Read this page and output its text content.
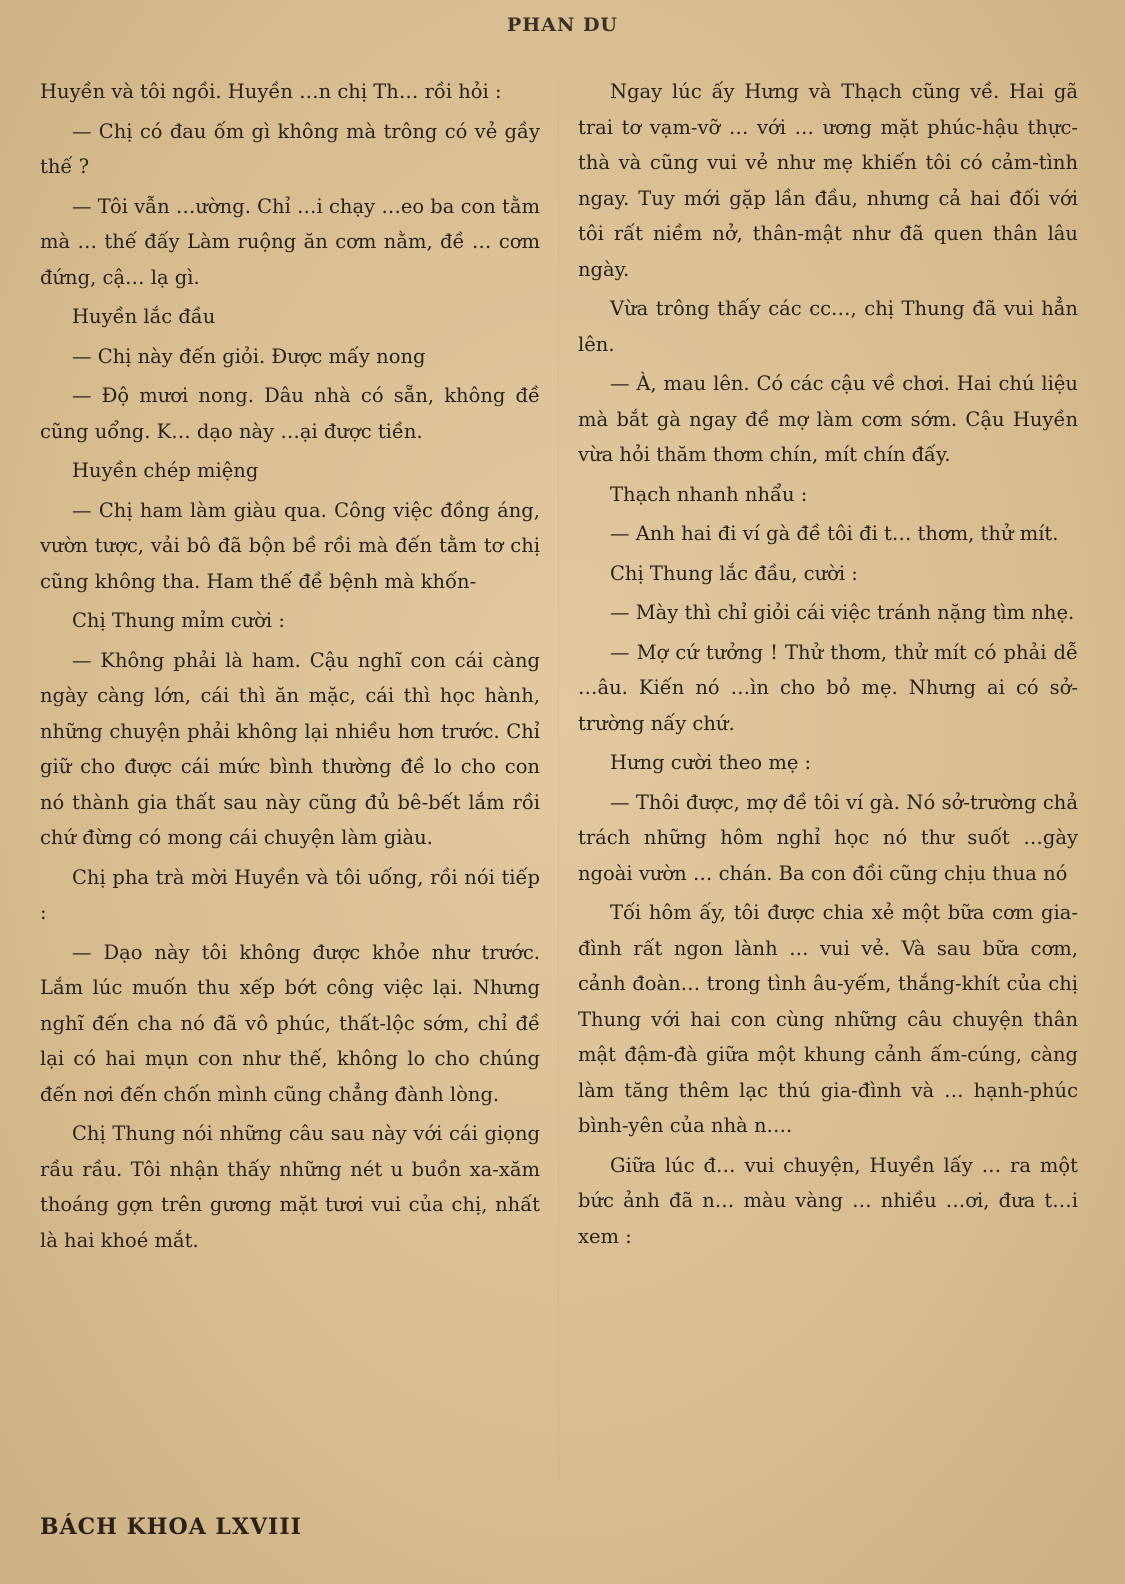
PHAN DU

Huyền và tôi ngồi. Huyền …n chị Th… rồi hỏi :

— Chị có đau ốm gì không mà trông có vẻ gầy thế ?

— Tôi vẫn …ường. Chỉ …i chạy …eo ba con tằm mà … thế đấy Làm ruộng ăn cơm nằm, đề … cơm đứng, cậ… lạ gì.

Huyền lắc đầu

— Chị này đến giỏi. Được mấy nong

— Độ mươi nong. Dâu nhà có sẵn, không đề cũng uổng. K… dạo này …ại được tiền.

Huyền chép miệng

— Chị ham làm giàu qua. Công việc đồng áng, vườn tược, vải bô đã bộn bề rồi mà đến tằm tơ chị cũng không tha. Ham thế đề bệnh mà khốn-

Chị Thung mỉm cười :

— Không phải là ham. Cậu nghĩ con cái càng ngày càng lớn, cái thì ăn mặc, cái thì học hành, những chuyện phải không lại nhiều hơn trước. Chỉ giữ cho được cái mức bình thường đề lo cho con nó thành gia thất sau này cũng đủ bê-bết lắm rồi chứ đừng có mong cái chuyện làm giàu.

Chị pha trà mời Huyền và tôi uống, rồi nói tiếp :

— Dạo này tôi không được khỏe như trước. Lắm lúc muốn thu xếp bớt công việc lại. Nhưng nghĩ đến cha nó đã vô phúc, thất-lộc sớm, chỉ đề lại có hai mụn con như thế, không lo cho chúng đến nơi đến chốn mình cũng chẳng đành lòng.

Chị Thung nói những câu sau này với cái giọng rầu rầu. Tôi nhận thấy những nét u buồn xa-xăm thoáng gợn trên gương mặt tươi vui của chị, nhất là hai khoé mắt.

Ngay lúc ấy Hưng và Thạch cũng về. Hai gã trai tơ vạm-vỡ … với … ương mặt phúc-hậu thực-thà và cũng vui vẻ như mẹ khiến tôi có cảm-tình ngay. Tuy mới gặp lần đầu, nhưng cả hai đối với tôi rất niềm nở, thân-mật như đã quen thân lâu ngày.

Vừa trông thấy các cc…, chị Thung đã vui hẳn lên.

— À, mau lên. Có các cậu về chơi. Hai chú liệu mà bắt gà ngay đề mợ làm cơm sớm. Cậu Huyền vừa hỏi thăm thơm chín, mít chín đấy.

Thạch nhanh nhẩu :

— Anh hai đi ví gà đề tôi đi t… thơm, thử mít.

Chị Thung lắc đầu, cười :

— Mày thì chỉ giỏi cái việc tránh nặng tìm nhẹ.

— Mợ cứ tưởng ! Thử thơm, thử mít có phải dễ …âu. Kiến nó …ìn cho bỏ mẹ. Nhưng ai có sở-trường nấy chứ.

Hưng cười theo mẹ :

— Thôi được, mợ đề tôi ví gà. Nó sở-trường chả trách những hôm nghỉ học nó thư suốt …gày ngoài vườn … chán. Ba con đồi cũng chịu thua nó

Tối hôm ấy, tôi được chia xẻ một bữa cơm gia-đình rất ngon lành … vui vẻ. Và sau bữa cơm, cảnh đoàn… trong tình âu-yếm, thắng-khít của chị Thung với hai con cùng những câu chuyện thân mật đậm-đà giữa một khung cảnh ấm-cúng, càng làm tăng thêm lạc thú gia-đình và … hạnh-phúc bình-yên của nhà n….

Giữa lúc đ… vui chuyện, Huyền lấy … ra một bức ảnh đã n… màu vàng … nhiều …ơi, đưa t…i xem :

BÁCH KHOA LXVIII
